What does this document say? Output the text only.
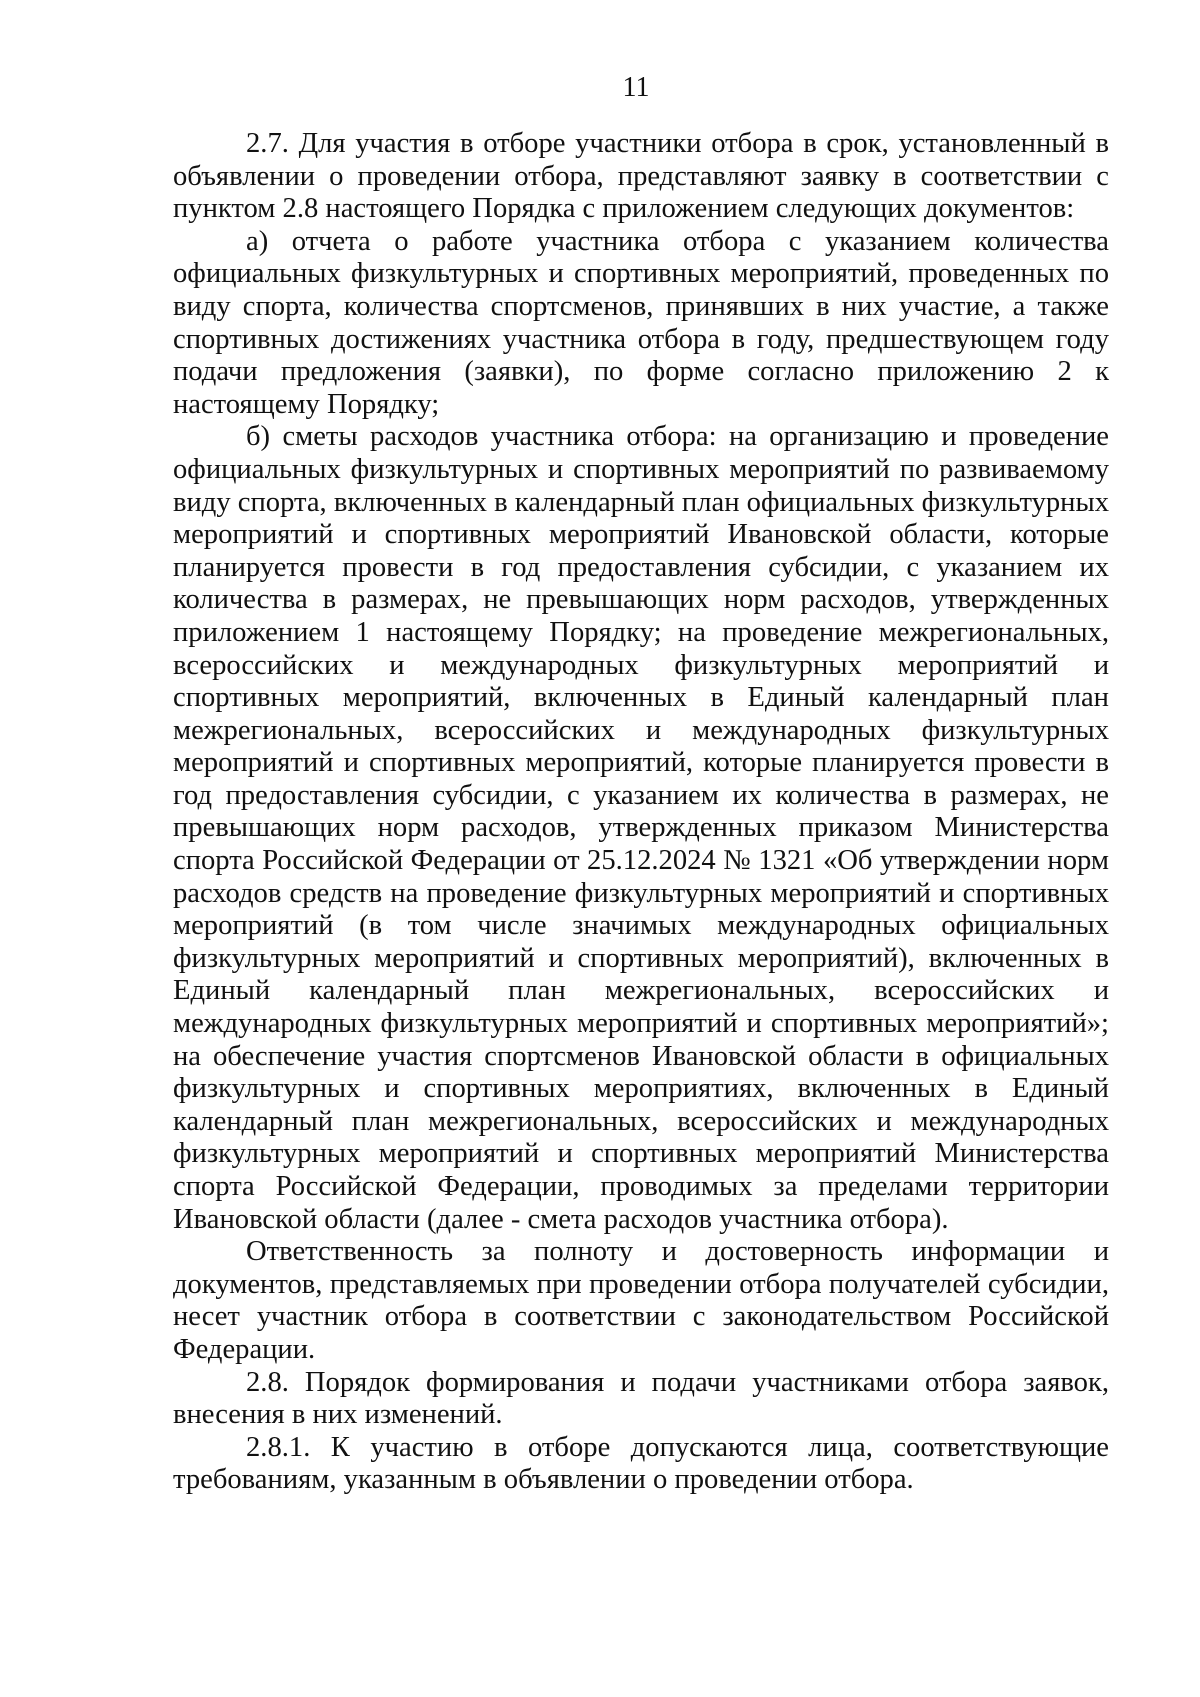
11

2.7. Для участия в отборе участники отбора в срок, установленный в объявлении о проведении отбора, представляют заявку в соответствии с пунктом 2.8 настоящего Порядка с приложением следующих документов:

а) отчета о работе участника отбора с указанием количества официальных физкультурных и спортивных мероприятий, проведенных по виду спорта, количества спортсменов, принявших в них участие, а также спортивных достижениях участника отбора в году, предшествующем году подачи предложения (заявки), по форме согласно приложению 2 к настоящему Порядку;

б) сметы расходов участника отбора: на организацию и проведение официальных физкультурных и спортивных мероприятий по развиваемому виду спорта, включенных в календарный план официальных физкультурных мероприятий и спортивных мероприятий Ивановской области, которые планируется провести в год предоставления субсидии, с указанием их количества в размерах, не превышающих норм расходов, утвержденных приложением 1 настоящему Порядку; на проведение межрегиональных, всероссийских и международных физкультурных мероприятий и спортивных мероприятий, включенных в Единый календарный план межрегиональных, всероссийских и международных физкультурных мероприятий и спортивных мероприятий, которые планируется провести в год предоставления субсидии, с указанием их количества в размерах, не превышающих норм расходов, утвержденных приказом Министерства спорта Российской Федерации от 25.12.2024 № 1321 «Об утверждении норм расходов средств на проведение физкультурных мероприятий и спортивных мероприятий (в том числе значимых международных официальных физкультурных мероприятий и спортивных мероприятий), включенных в Единый календарный план межрегиональных, всероссийских и международных физкультурных мероприятий и спортивных мероприятий»; на обеспечение участия спортсменов Ивановской области в официальных физкультурных и спортивных мероприятиях, включенных в Единый календарный план межрегиональных, всероссийских и международных физкультурных мероприятий и спортивных мероприятий Министерства спорта Российской Федерации, проводимых за пределами территории Ивановской области (далее - смета расходов участника отбора).

Ответственность за полноту и достоверность информации и документов, представляемых при проведении отбора получателей субсидии, несет участник отбора в соответствии с законодательством Российской Федерации.

2.8. Порядок формирования и подачи участниками отбора заявок, внесения в них изменений.

2.8.1. К участию в отборе допускаются лица, соответствующие требованиям, указанным в объявлении о проведении отбора.
